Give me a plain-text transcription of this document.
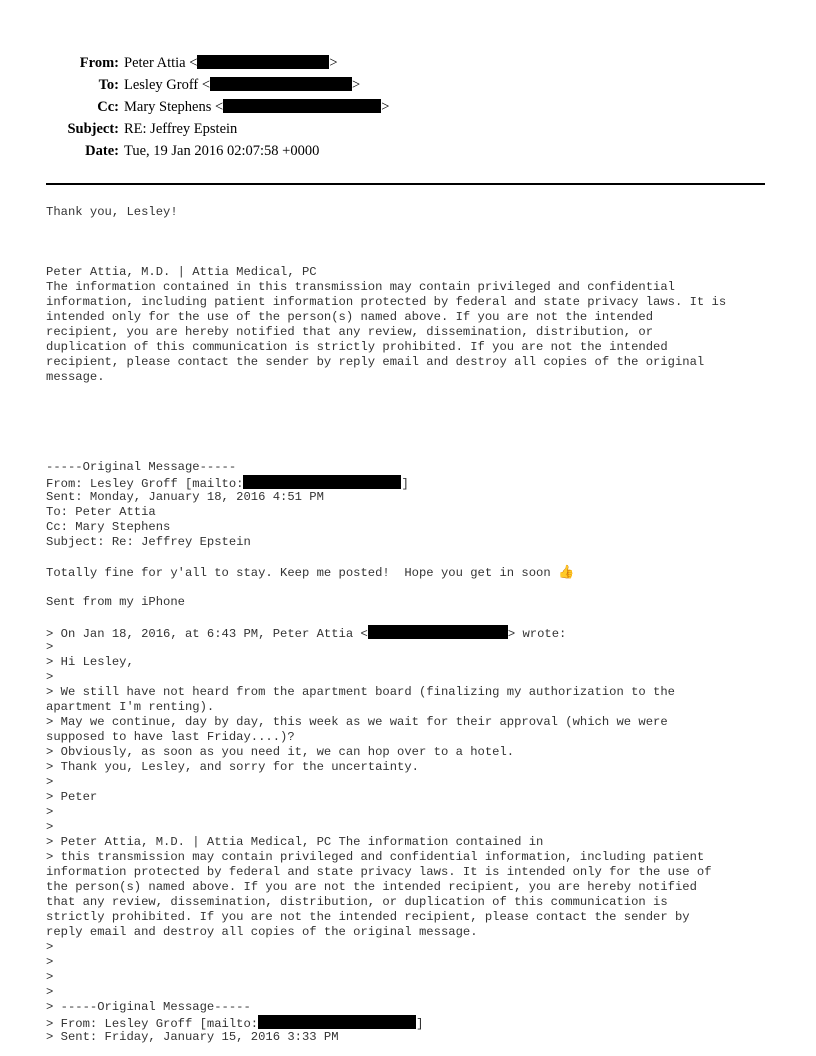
From: Peter Attia <	>
To: Lesley Groff <	>
Cc: Mary Stephens <	>
Subject: RE: Jeffrey Epstein
Date: Tue, 19 Jan 2016 02:07:58 +0000
Thank you, Lesley!
Peter Attia, M.D. | Attia Medical, PC
The information contained in this transmission may contain privileged and confidential
information, including patient information protected by federal and state privacy laws. It is
intended only for the use of the person(s) named above. If you are not the intended
recipient, you are hereby notified that any review, dissemination, distribution, or
duplication of this communication is strictly prohibited. If you are not the intended
recipient, please contact the sender by reply email and destroy all copies of the original
message.
-----Original Message-----
From: Lesley Groff [mailto:	]
Sent: Monday, January 18, 2016 4:51 PM
To: Peter Attia
Cc: Mary Stephens
Subject: Re: Jeffrey Epstein
Totally fine for y'all to stay. Keep me posted!  Hope you get in soon 👍
Sent from my iPhone
> On Jan 18, 2016, at 6:43 PM, Peter Attia <	> wrote:
>
> Hi Lesley,
>
> We still have not heard from the apartment board (finalizing my authorization to the
apartment I'm renting).
> May we continue, day by day, this week as we wait for their approval (which we were
supposed to have last Friday....)?
> Obviously, as soon as you need it, we can hop over to a hotel.
> Thank you, Lesley, and sorry for the uncertainty.
>
> Peter
>
>
> Peter Attia, M.D. | Attia Medical, PC The information contained in
> this transmission may contain privileged and confidential information, including patient
information protected by federal and state privacy laws. It is intended only for the use of
the person(s) named above. If you are not the intended recipient, you are hereby notified
that any review, dissemination, distribution, or duplication of this communication is
strictly prohibited. If you are not the intended recipient, please contact the sender by
reply email and destroy all copies of the original message.
>
>
>
>
> -----Original Message-----
> From: Lesley Groff [mailto:	]
> Sent: Friday, January 15, 2016 3:33 PM
